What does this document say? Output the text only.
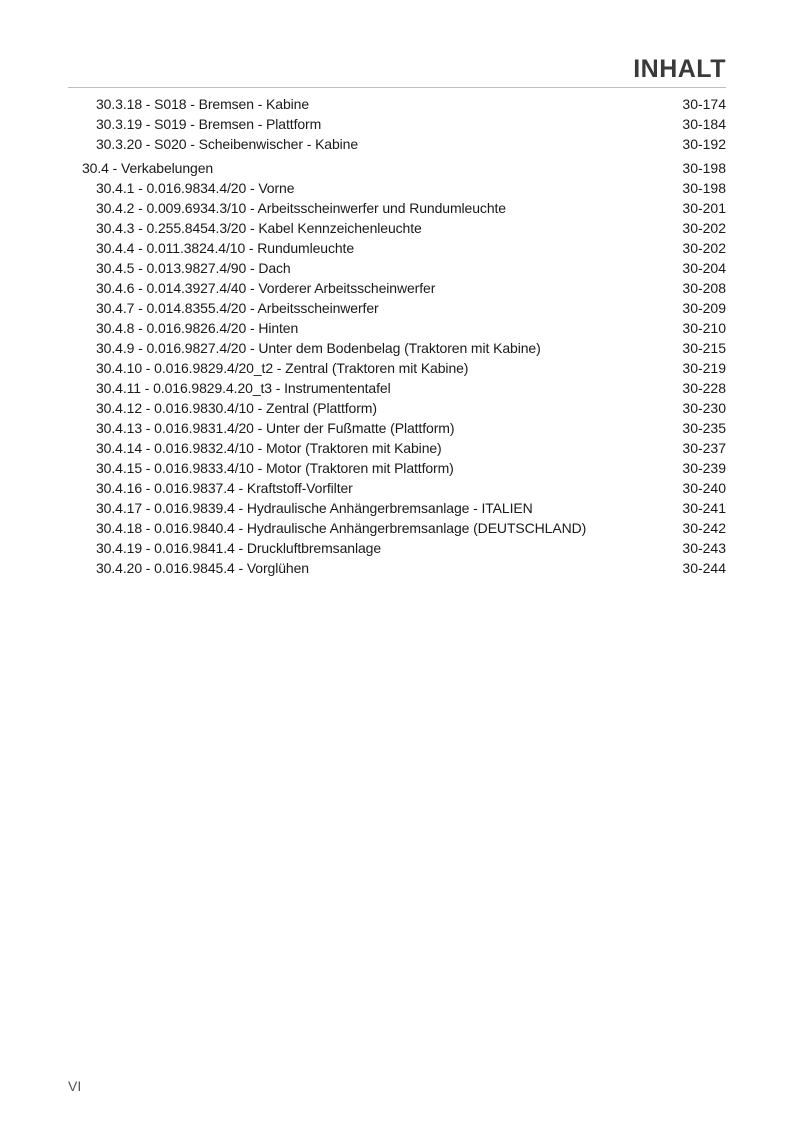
INHALT
30.3.18 - S018 - Bremsen - Kabine	30-174
30.3.19 - S019 - Bremsen - Plattform	30-184
30.3.20 - S020 - Scheibenwischer - Kabine	30-192
30.4 - Verkabelungen	30-198
30.4.1 - 0.016.9834.4/20 - Vorne	30-198
30.4.2 - 0.009.6934.3/10 - Arbeitsscheinwerfer und Rundumleuchte	30-201
30.4.3 - 0.255.8454.3/20 - Kabel Kennzeichenleuchte	30-202
30.4.4 - 0.011.3824.4/10 - Rundumleuchte	30-202
30.4.5 - 0.013.9827.4/90 - Dach	30-204
30.4.6 - 0.014.3927.4/40 - Vorderer Arbeitsscheinwerfer	30-208
30.4.7 - 0.014.8355.4/20 - Arbeitsscheinwerfer	30-209
30.4.8 - 0.016.9826.4/20 - Hinten	30-210
30.4.9 - 0.016.9827.4/20 - Unter dem Bodenbelag (Traktoren mit Kabine)	30-215
30.4.10 - 0.016.9829.4/20_t2 - Zentral (Traktoren mit Kabine)	30-219
30.4.11 - 0.016.9829.4.20_t3 - Instrumententafel	30-228
30.4.12 - 0.016.9830.4/10 - Zentral (Plattform)	30-230
30.4.13 - 0.016.9831.4/20 - Unter der Fußmatte (Plattform)	30-235
30.4.14 - 0.016.9832.4/10 - Motor (Traktoren mit Kabine)	30-237
30.4.15 - 0.016.9833.4/10 - Motor (Traktoren mit Plattform)	30-239
30.4.16 - 0.016.9837.4 - Kraftstoff-Vorfilter	30-240
30.4.17 - 0.016.9839.4 - Hydraulische Anhängerbremsanlage - ITALIEN	30-241
30.4.18 - 0.016.9840.4 - Hydraulische Anhängerbremsanlage (DEUTSCHLAND)	30-242
30.4.19 - 0.016.9841.4 - Druckluftbremsanlage	30-243
30.4.20 - 0.016.9845.4 - Vorglühen	30-244
VI
